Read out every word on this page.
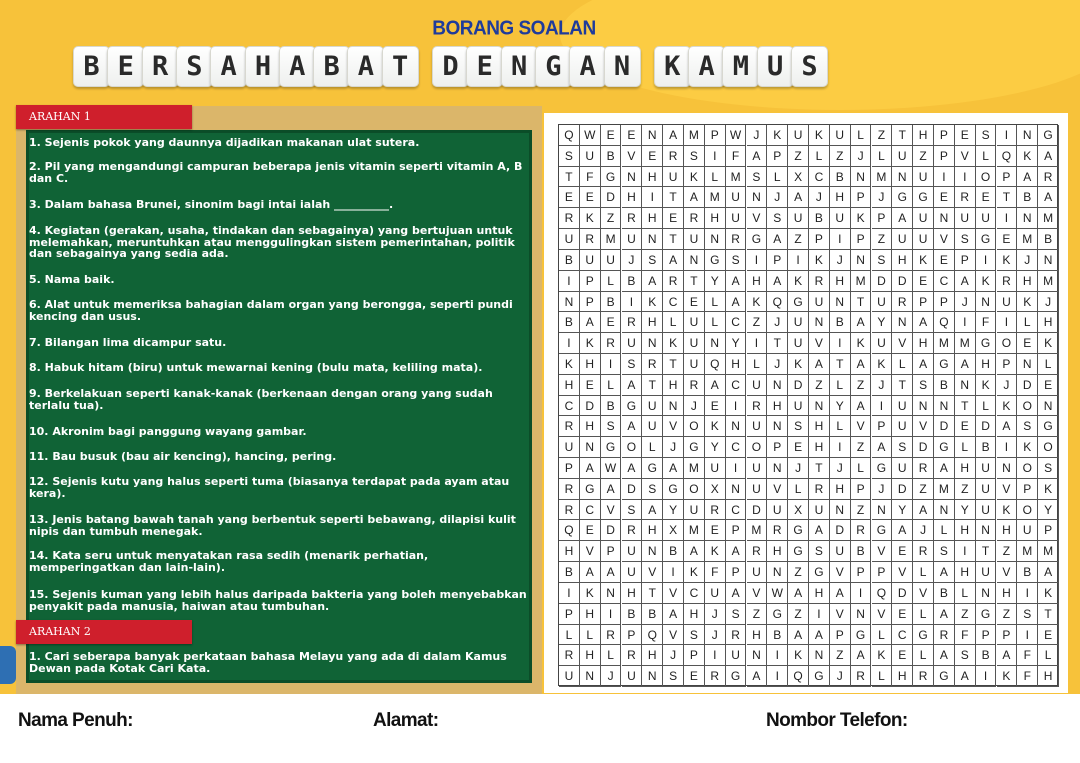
BORANG SOALAN
B E R S A H A B A T	D E N G A N	K A M U S
ARAHAN 1
1. Sejenis pokok yang daunnya dijadikan makanan ulat sutera.
2. Pil yang mengandungi campuran beberapa jenis vitamin seperti vitamin A, B dan C.
3. Dalam bahasa Brunei, sinonim bagi intai ialah __________.
4. Kegiatan (gerakan, usaha, tindakan dan sebagainya) yang bertujuan untuk melemahkan, meruntuhkan atau menggulingkan sistem pemerintahan, politik dan sebagainya yang sedia ada.
5. Nama baik.
6. Alat untuk memeriksa bahagian dalam organ yang berongga, seperti pundi kencing dan usus.
7. Bilangan lima dicampur satu.
8. Habuk hitam (biru) untuk mewarnai kening (bulu mata, keliling mata).
9. Berkelakuan seperti kanak-kanak (berkenaan dengan orang yang sudah terlalu tua).
10. Akronim bagi panggung wayang gambar.
11. Bau busuk (bau air kencing), hancing, pering.
12. Sejenis kutu yang halus seperti tuma (biasanya terdapat pada ayam atau kera).
13. Jenis batang bawah tanah yang berbentuk seperti bebawang, dilapisi kulit nipis dan tumbuh menegak.
14. Kata seru untuk menyatakan rasa sedih (menarik perhatian, memperingatkan dan lain-lain).
15. Sejenis kuman yang lebih halus daripada bakteria yang boleh menyebabkan penyakit pada manusia, haiwan atau tumbuhan.
ARAHAN 2
1. Cari seberapa banyak perkataan bahasa Melayu yang ada di dalam Kamus Dewan pada Kotak Cari Kata.
Q W E	E	N	A M P W	J	K	U	K	U	L	Z	T	H	P	E	S	I	N G
S	U	B	V	E	R	S	I	F	A	P	Z	L	Z	J	L	U	Z	P	V	L	Q	K	A
T	F	G N	H	U	K	L	M S	L	X	C	B	N M N	U	I	I	O	P	A	R
E	E	D	H	I	T	A M U	N	J	A	J	H	P	J	G G	E	R	E	T	B	A
R	K	Z	R	H	E	R	H	U	V	S	U	B	U	K	P	A	U	N	U	U	I	N M
U	R M U	N	T	U	N	R G	A	Z	P	I	P	Z	U	U	V	S	G	E M B
B	U	U	J	S	A	N G	S	I	P	I	K	J	N	S	H	K	E	P	I	K	J	N
I	P	L	B	A	R	T	Y	A	H	A	K	R	H M D	D	E	C	A	K	R	H M
N	P	B	I	K	C	E	L	A	K	Q G U	N	T	U	R	P	P	J	N	U	K	J
B	A	E	R	H	L	U	L	C	Z	J	U	N	B	A	Y	N	A	Q	I	F	I	L	H
I	K	R	U	N	K	U	N	Y	I	T	U	V	I	K	U	V	H M M G O	E	K
K	H	I	S	R	T	U Q H	L	J	K	A	T	A	K	L	A	G	A	H	P	N	L
H	E	L	A	T	H	R	A	C	U	N	D	Z	L	Z	J	T	S	B	N	K	J	D	E
C	D	B	G U	N	J	E	I	R	H	U	N	Y	A	I	U	N	N	T	L	K	O N
R	H	S	A	U	V	O	K	N	U	N	S	H	L	V	P	U	V	D	E	D	A	S	G
U	N G O	L	J	G	Y	C O	P	E	H	I	Z	A	S	D G	L	B	I	K	O
P	A W A	G	A M U	I	U	N	J	T	J	L	G U	R	A	H	U	N O	S
R G	A	D	S	G O	X	N	U	V	L	R	H	P	J	D	Z	M	Z	U	V	P	K
R	C	V	S	A	Y	U	R	C	D	U	X	U	N	Z	N	Y	A	N	Y	U	K	O	Y
Q	E	D	R	H	X M E	P M R G	A	D	R G	A	J	L	H	N	H	U	P
H	V	P	U	N	B	A	K	A	R	H G	S	U	B	V	E	R	S	I	T	Z	M M
B	A	A	U	V	I	K	F	P	U	N	Z	G	V	P	P	V	L	A	H	U	V	B	A
I	K	N	H	T	V	C	U	A	V W A	H	A	I	Q D	V	B	L	N	H	I	K
P	H	I	B	B	A	H	J	S	Z	G	Z	I	V	N	V	E	L	A	Z	G	Z	S	T
L	L	R	P	Q	V	S	J	R	H	B	A	A	P	G	L	C G R	F	P	P	I	E
R	H	L	R	H	J	P	I	U	N	I	K	N	Z	A	K	E	L	A	S	B	A	F	L
U	N	J	U	N	S	E	R G	A	I	Q G	J	R	L	H	R G	A	I	K	F	H
Nama Penuh:	Alamat:	Nombor Telefon:
